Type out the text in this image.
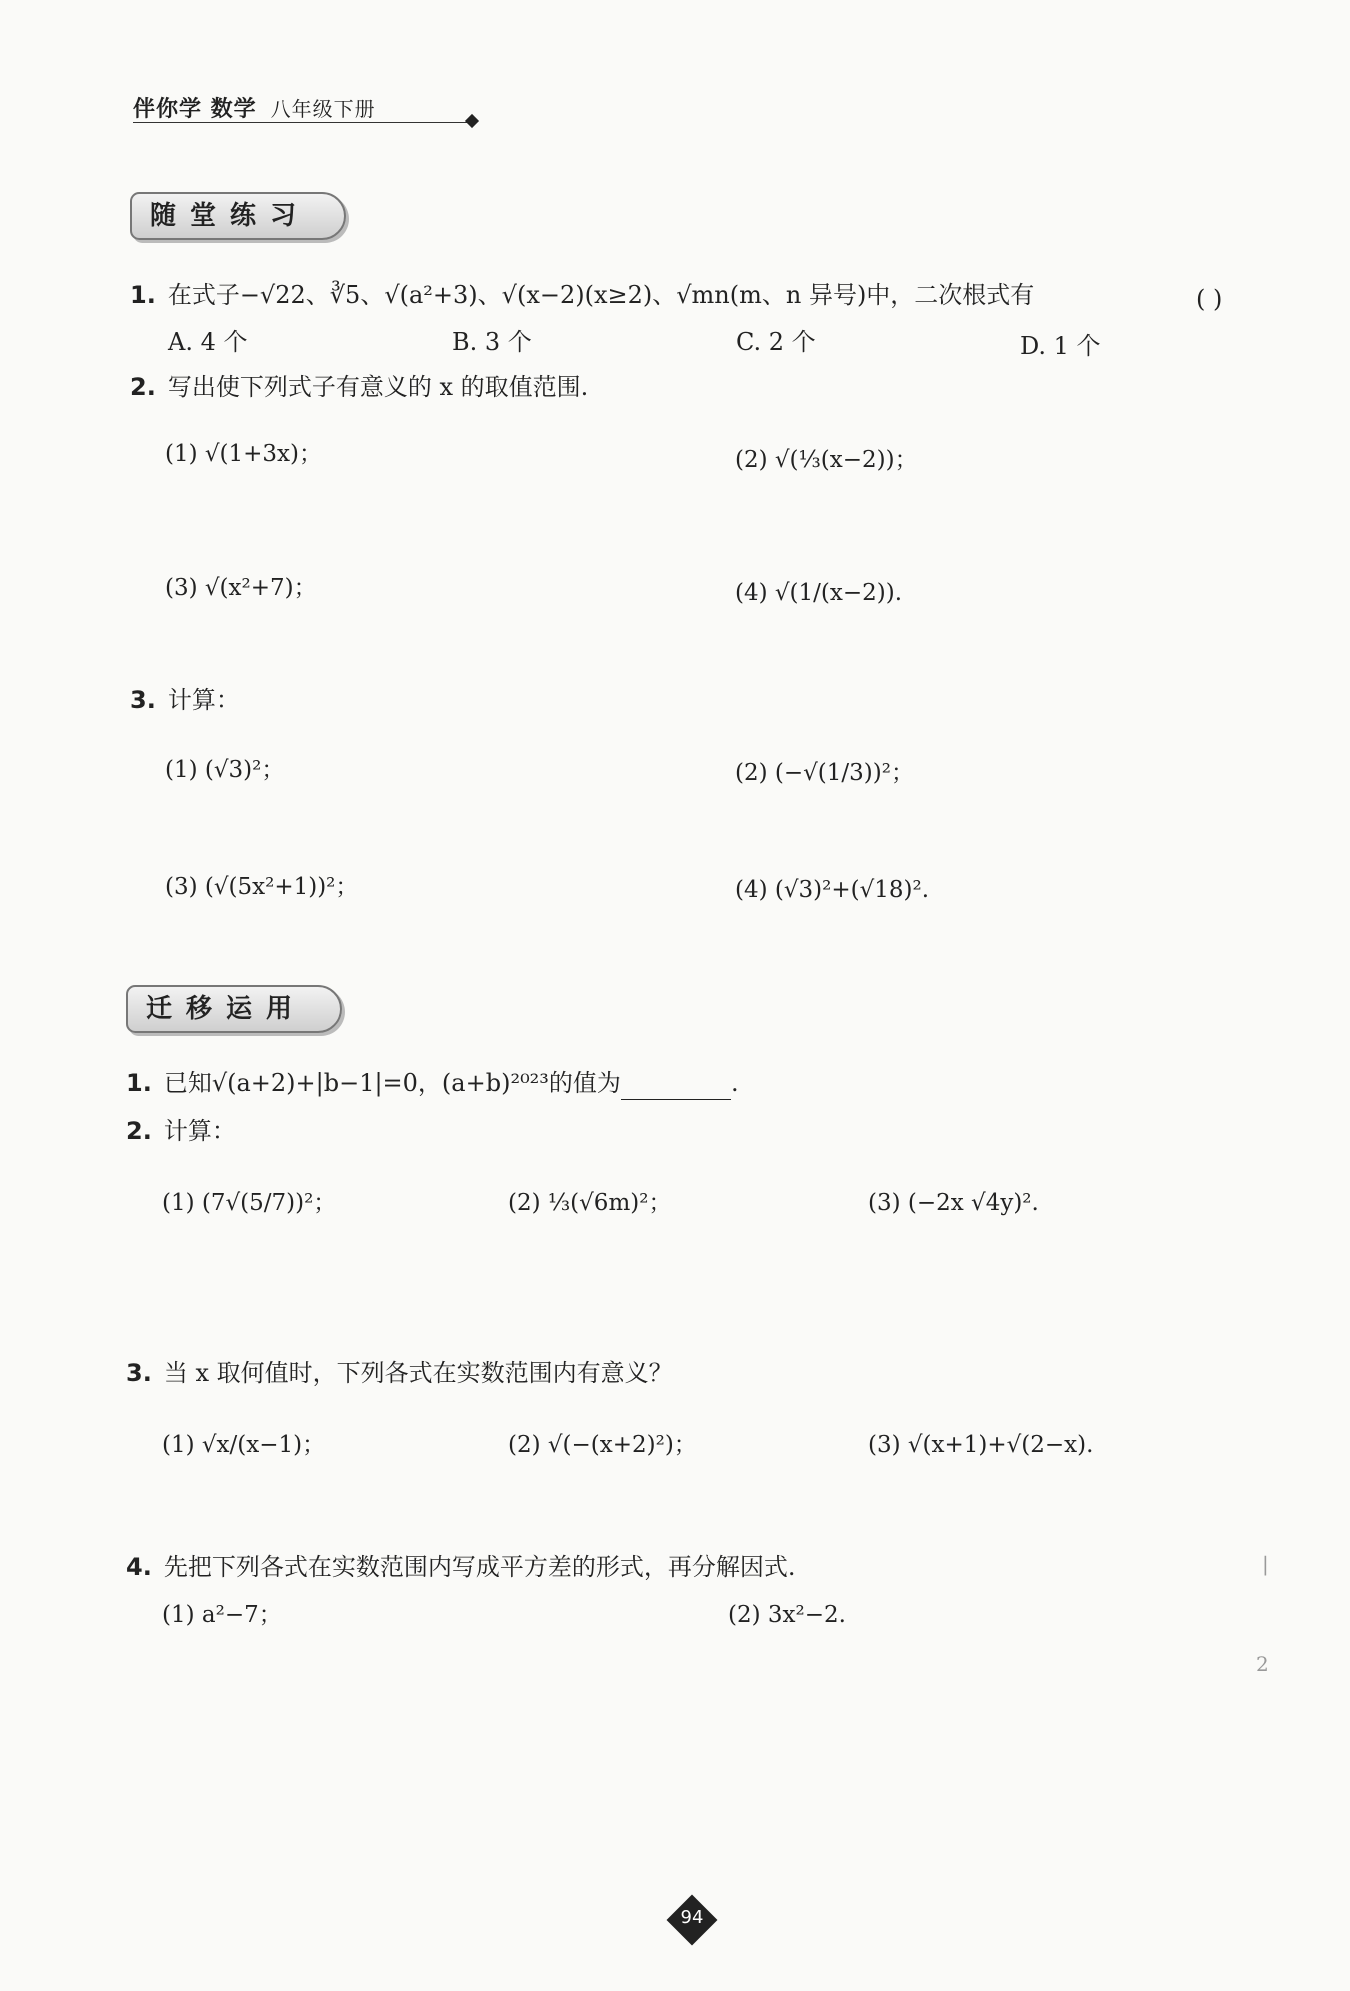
伴你学 数学 八年级下册
随堂练习
1. 在式子−√22、∛5、√(a²+3)、√(x−2)(x≥2)、√mn(m、n 异号)中，二次根式有	( )
A. 4 个	B. 3 个	C. 2 个	D. 1 个
2. 写出使下列式子有意义的 x 的取值范围.
(1) √(1+3x)；	(2) √(⅓(x−2))；
(3) √(x²+7)；	(4) √(1/(x−2)).
3. 计算：
(1) (√3)²；	(2) (−√(1/3))²；
(3) (√(5x²+1))²；	(4) (√3)²+(√18)².
迁移运用
1. 已知√(a+2)+|b−1|=0，(a+b)²⁰²³的值为	.
2. 计算：
(1) (7√(5/7))²；	(2) ⅓(√6m)²；	(3) (−2x √4y)².
3. 当 x 取何值时，下列各式在实数范围内有意义？
(1) √x/(x−1)；	(2) √(−(x+2)²)；	(3) √(x+1)+√(2−x).
4. 先把下列各式在实数范围内写成平方差的形式，再分解因式.
(1) a²−7；	(2) 3x²−2.
|
2
94
